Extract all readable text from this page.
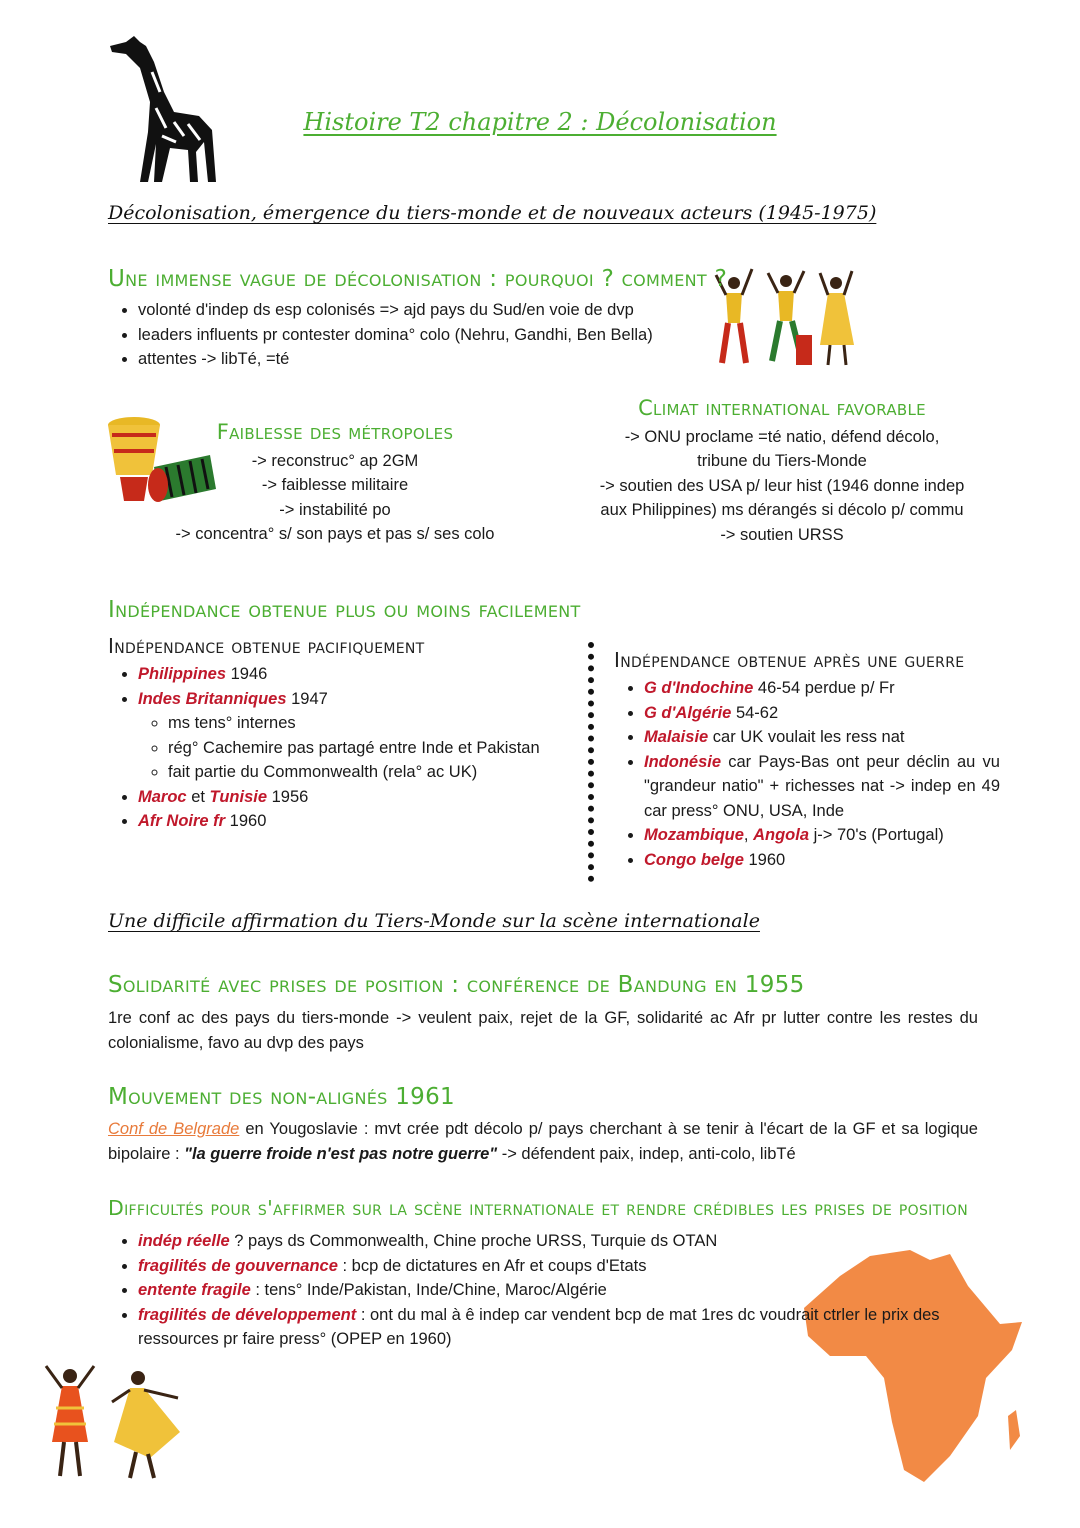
Histoire T2 chapitre 2 : Décolonisation
Décolonisation, émergence du tiers-monde et de nouveaux acteurs (1945-1975)
Une immense vague de décolonisation : pourquoi ? comment ?
• volonté d'indep ds esp colonisés => ajd pays du Sud/en voie de dvp
• leaders influents pr contester domina° colo (Nehru, Gandhi, Ben Bella)
• attentes -> libTé, =té
Faiblesse des métropoles
-> reconstruc° ap 2GM
-> faiblesse militaire
-> instabilité po
-> concentra° s/ son pays et pas s/ ses colo
Climat international favorable
-> ONU proclame =té natio, défend décolo,
tribune du Tiers-Monde
-> soutien des USA p/ leur hist (1946 donne indep
aux Philippines) ms dérangés si décolo p/ commu
-> soutien URSS
Indépendance obtenue plus ou moins facilement
Indépendance obtenue pacifiquement
• Philippines 1946
• Indes Britanniques 1947
◦ ms tens° internes
◦ rég° Cachemire pas partagé entre Inde et Pakistan
◦ fait partie du Commonwealth (rela° ac UK)
• Maroc et Tunisie 1956
• Afr Noire fr 1960
Indépendance obtenue après une guerre
• G d'Indochine 46-54 perdue p/ Fr
• G d'Algérie 54-62
• Malaisie car UK voulait les ress nat
• Indonésie car Pays-Bas ont peur déclin au vu "grandeur natio" + richesses nat -> indep en 49 car press° ONU, USA, Inde
• Mozambique, Angola j-> 70's (Portugal)
• Congo belge 1960
Une difficile affirmation du Tiers-Monde sur la scène internationale
Solidarité avec prises de position : conférence de Bandung en 1955
1re conf ac des pays du tiers-monde -> veulent paix, rejet de la GF, solidarité ac Afr pr lutter contre les restes du colonialisme, favo au dvp des pays
Mouvement des non-alignés 1961
Conf de Belgrade en Yougoslavie : mvt crée pdt décolo p/ pays cherchant à se tenir à l'écart de la GF et sa logique bipolaire : "la guerre froide n'est pas notre guerre" -> défendent paix, indep, anti-colo, libTé
Difficultés pour s'affirmer sur la scène internationale et rendre crédibles les prises de position
• indép réelle ? pays ds Commonwealth, Chine proche URSS, Turquie ds OTAN
• fragilités de gouvernance : bcp de dictatures en Afr et coups d'Etats
• entente fragile : tens° Inde/Pakistan, Inde/Chine, Maroc/Algérie
• fragilités de développement : ont du mal à ê indep car vendent bcp de mat 1res dc voudrait ctrler le prix des ressources pr faire press° (OPEP en 1960)
